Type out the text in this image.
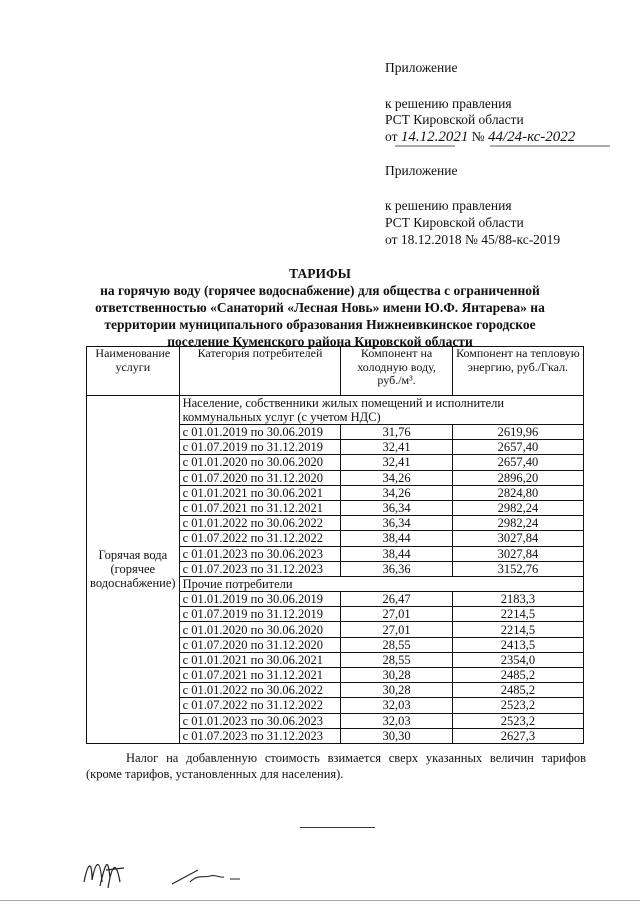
Приложение
к решению правления
РСТ Кировской области
от 14.12.2021 № 44/24-кс-2022
Приложение
к решению правления
РСТ Кировской области
от 18.12.2018 № 45/88-кс-2019
ТАРИФЫ
на горячую воду (горячее водоснабжение) для общества с ограниченной
ответственностью «Санаторий «Лесная Новь» имени Ю.Ф. Янтарева» на
территории муниципального образования Нижнеивкинское городское
поселение Куменского района Кировской области
Наименование услуги	Категория потребителей	Компонент на холодную воду, руб./м³.	Компонент на тепловую энергию, руб./Гкал.
Горячая вода (горячее водоснабжение)	Население, собственники жилых помещений и исполнители коммунальных услуг (с учетом НДС)		
	с 01.01.2019 по 30.06.2019	31,76	2619,96
	с 01.07.2019 по 31.12.2019	32,41	2657,40
	с 01.01.2020 по 30.06.2020	32,41	2657,40
	с 01.07.2020 по 31.12.2020	34,26	2896,20
	с 01.01.2021 по 30.06.2021	34,26	2824,80
	с 01.07.2021 по 31.12.2021	36,34	2982,24
	с 01.01.2022 по 30.06.2022	36,34	2982,24
	с 01.07.2022 по 31.12.2022	38,44	3027,84
	с 01.01.2023 по 30.06.2023	38,44	3027,84
	с 01.07.2023 по 31.12.2023	36,36	3152,76
	Прочие потребители		
	с 01.01.2019 по 30.06.2019	26,47	2183,3
	с 01.07.2019 по 31.12.2019	27,01	2214,5
	с 01.01.2020 по 30.06.2020	27,01	2214,5
	с 01.07.2020 по 31.12.2020	28,55	2413,5
	с 01.01.2021 по 30.06.2021	28,55	2354,0
	с 01.07.2021 по 31.12.2021	30,28	2485,2
	с 01.01.2022 по 30.06.2022	30,28	2485,2
	с 01.07.2022 по 31.12.2022	32,03	2523,2
	с 01.01.2023 по 30.06.2023	32,03	2523,2
	с 01.07.2023 по 31.12.2023	30,30	2627,3
Налог на добавленную стоимость взимается сверх указанных величин тарифов (кроме тарифов, установленных для населения).
